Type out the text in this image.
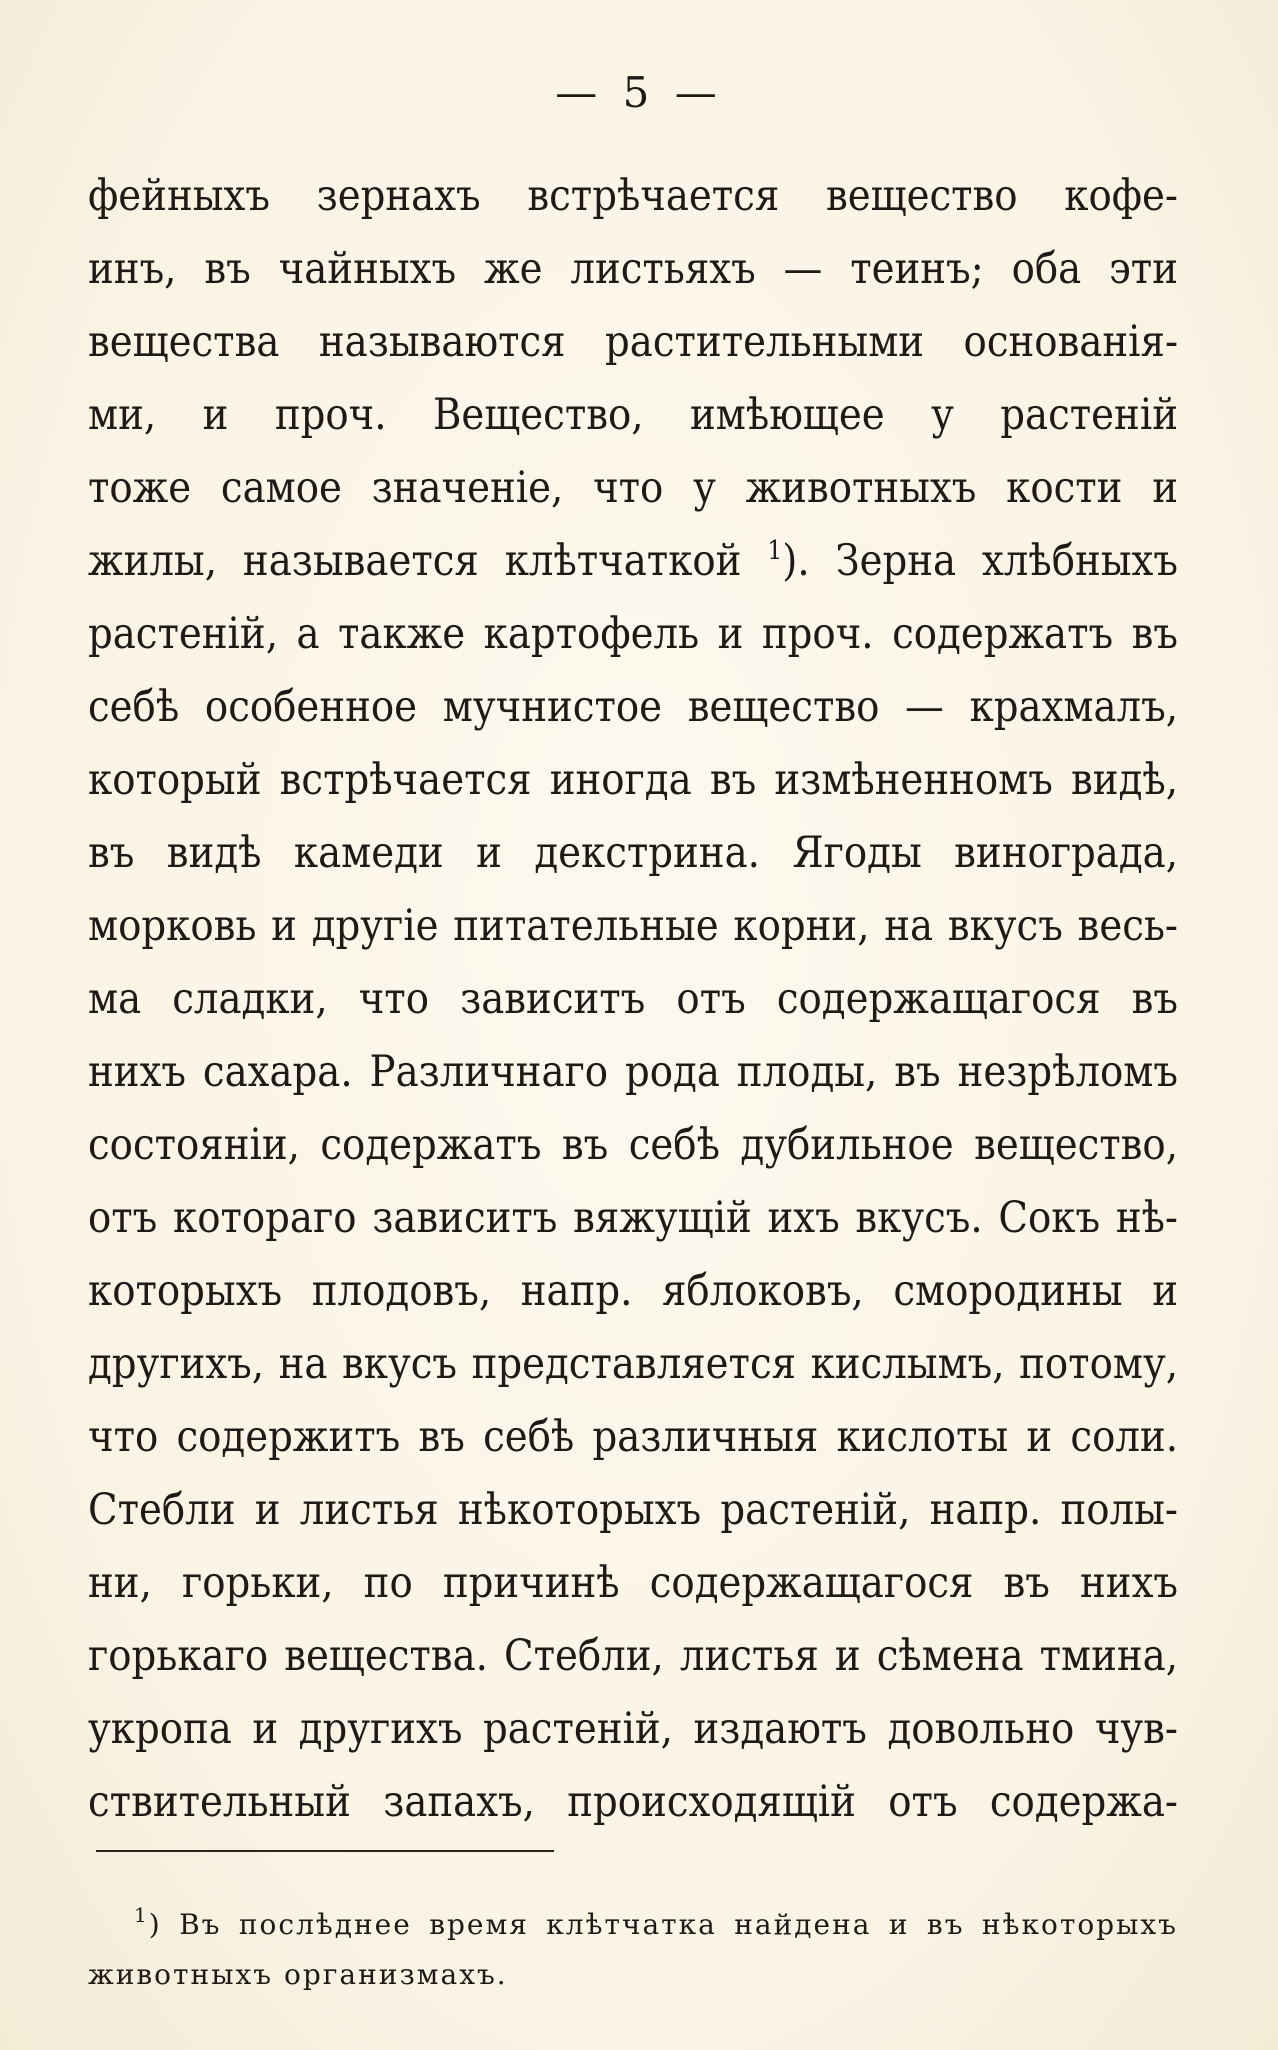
— 5 —
фейныхъ зернахъ встрѣчается вещество кофе-
инъ, въ чайныхъ же листьяхъ — теинъ; оба эти
вещества называются растительными основанія-
ми, и проч. Вещество, имѣющее у растеній
тоже самое значеніе, что у животныхъ кости и
жилы, называется клѣтчаткой $^1$). Зерна хлѣбныхъ
растеній, а также картофель и проч. содержатъ въ
себѣ особенное мучнистое вещество — крахмалъ,
который встрѣчается иногда въ измѣненномъ видѣ,
въ видѣ камеди и декстрина. Ягоды винограда,
морковь и другіе питательные корни, на вкусъ весь-
ма сладки, что зависитъ отъ содержащагося въ
нихъ сахара. Различнаго рода плоды, въ незрѣломъ
состояніи, содержатъ въ себѣ дубильное вещество,
отъ котораго зависитъ вяжущій ихъ вкусъ. Сокъ нѣ-
которыхъ плодовъ, напр. яблоковъ, смородины и
другихъ, на вкусъ представляется кислымъ, потому,
что содержитъ въ себѣ различныя кислоты и соли.
Стебли и листья нѣкоторыхъ растеній, напр. полы-
ни, горьки, по причинѣ содержащагося въ нихъ
горькаго вещества. Стебли, листья и сѣмена тмина,
укропа и другихъ растеній, издаютъ довольно чув-
ствительный запахъ, происходящій отъ содержа-
$^1$) Въ послѣднее время клѣтчатка найдена и въ нѣкоторыхъ
животныхъ организмахъ.
